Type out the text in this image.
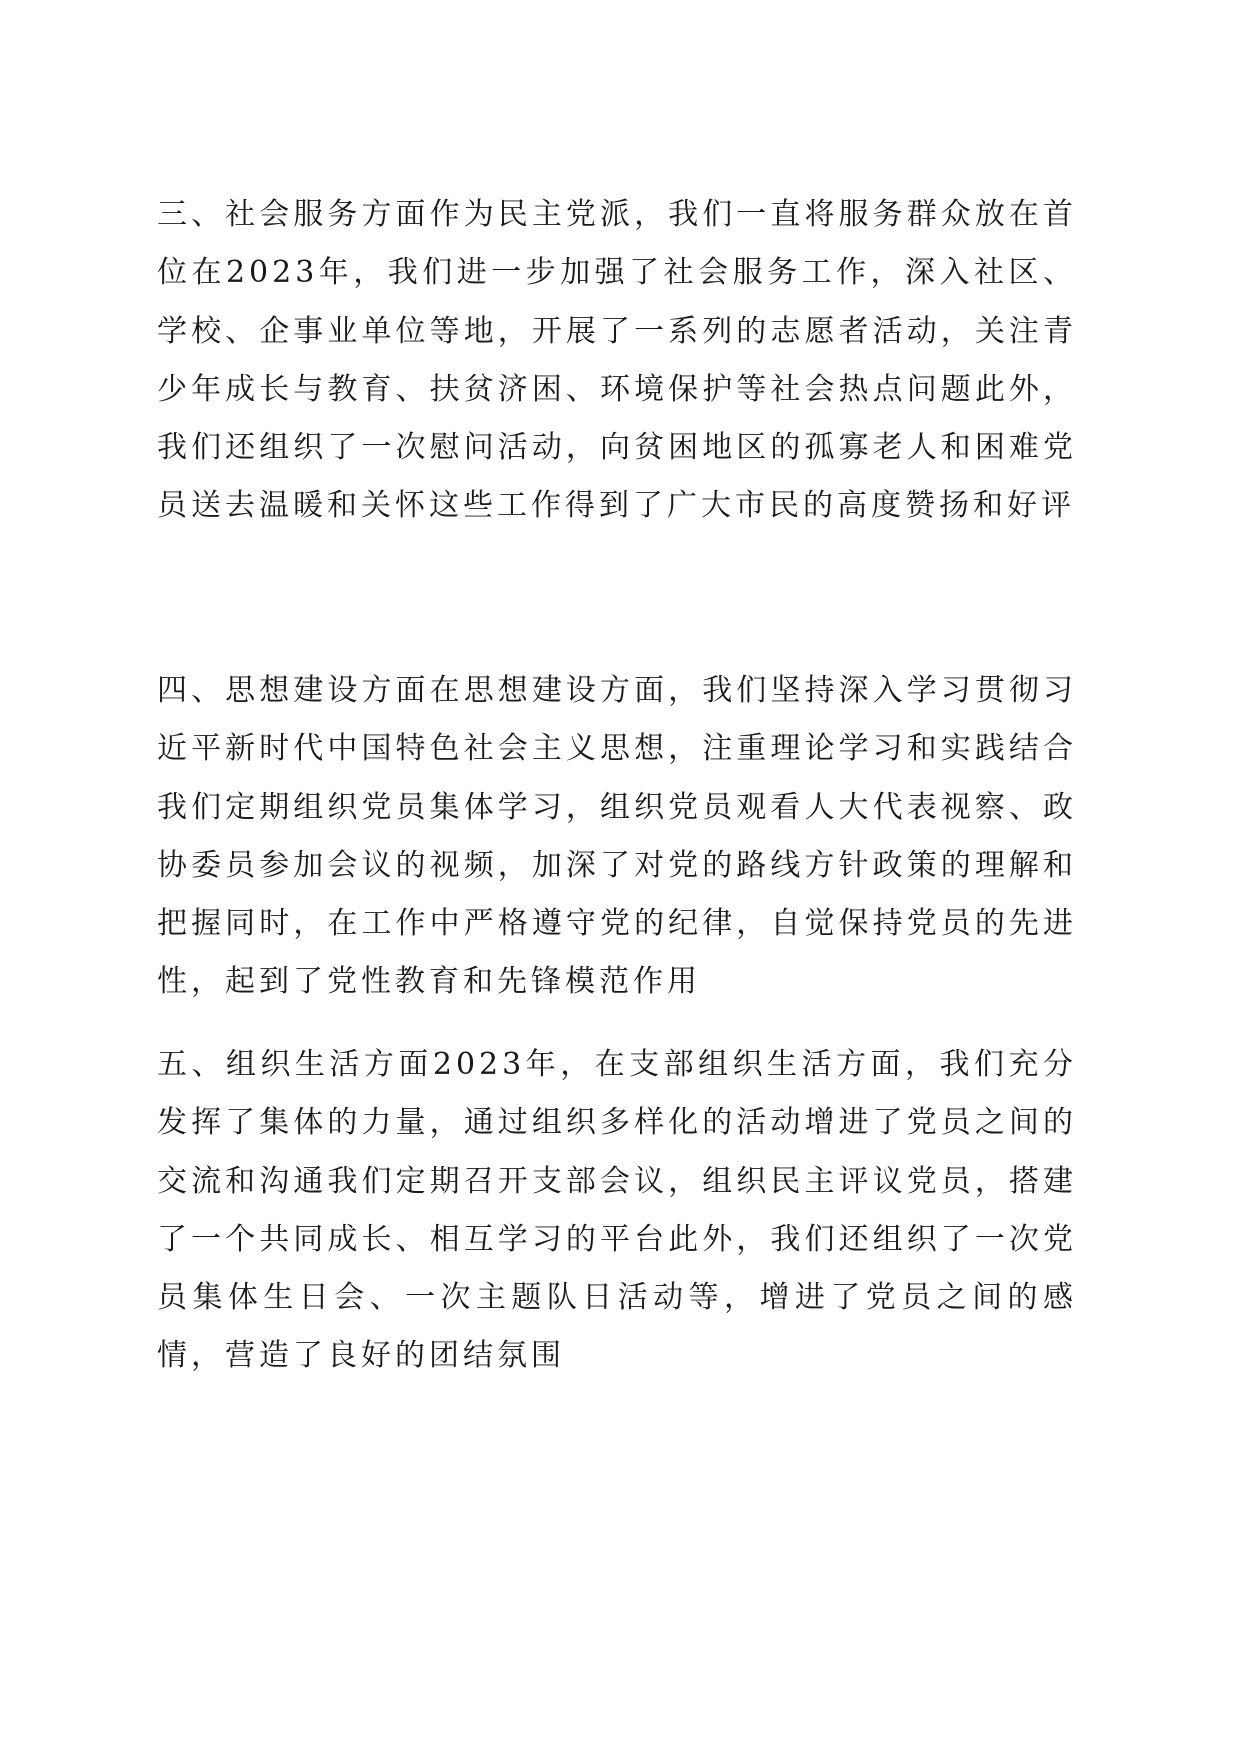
三、社会服务方面作为民主党派，我们一直将服务群众放在首位在2023年，我们进一步加强了社会服务工作，深入社区、学校、企事业单位等地，开展了一系列的志愿者活动，关注青少年成长与教育、扶贫济困、环境保护等社会热点问题此外，我们还组织了一次慰问活动，向贫困地区的孤寡老人和困难党员送去温暖和关怀这些工作得到了广大市民的高度赞扬和好评

四、思想建设方面在思想建设方面，我们坚持深入学习贯彻习近平新时代中国特色社会主义思想，注重理论学习和实践结合我们定期组织党员集体学习，组织党员观看人大代表视察、政协委员参加会议的视频，加深了对党的路线方针政策的理解和把握同时，在工作中严格遵守党的纪律，自觉保持党员的先进性，起到了党性教育和先锋模范作用

五、组织生活方面2023年，在支部组织生活方面，我们充分发挥了集体的力量，通过组织多样化的活动增进了党员之间的交流和沟通我们定期召开支部会议，组织民主评议党员，搭建了一个共同成长、相互学习的平台此外，我们还组织了一次党员集体生日会、一次主题队日活动等，增进了党员之间的感情，营造了良好的团结氛围
